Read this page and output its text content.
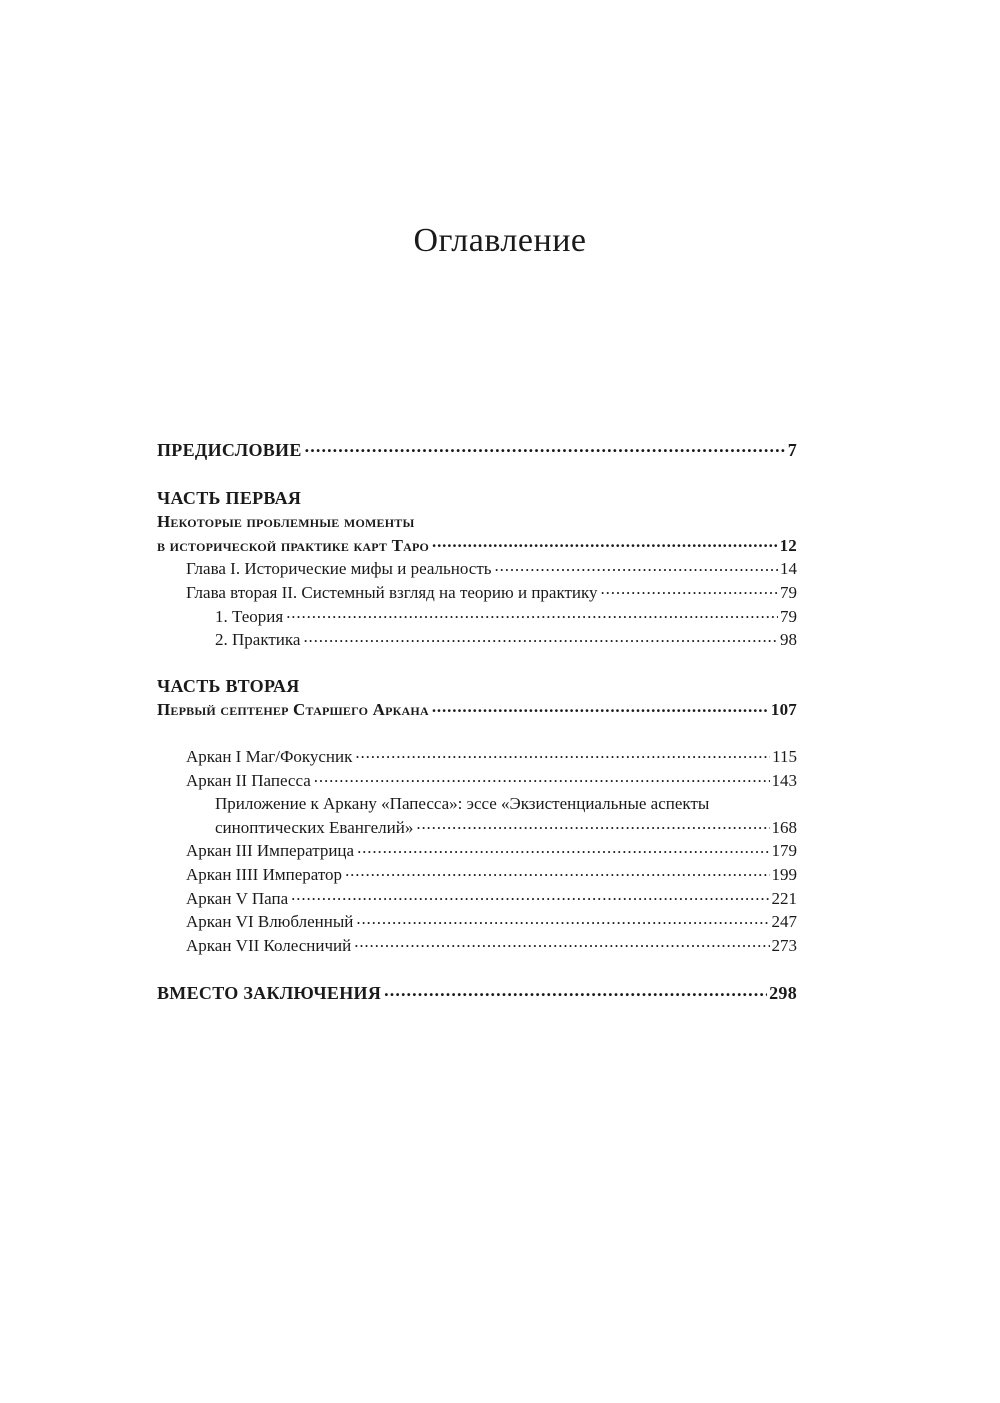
Оглавление
ПРЕДИСЛОВИЕ . . .	7
ЧАСТЬ ПЕРВАЯ
Некоторые проблемные моменты
в исторической практике карт Таро . . .	12
Глава I. Исторические мифы и реальность . . .	14
Глава вторая II. Системный взгляд на теорию и практику . . .	79
1. Теория . . .	79
2. Практика . . .	98
ЧАСТЬ ВТОРАЯ
Первый септенер Старшего Аркана . . .	107
Аркан I Маг/Фокусник . . .	115
Аркан II Папесса . . .	143
Приложение к Аркану «Папесса»: эссе «Экзистенциальные аспекты
синоптических Евангелий» . . .	168
Аркан III Императрица . . .	179
Аркан IIII Император . . .	199
Аркан V Папа . . .	221
Аркан VI Влюбленный . . .	247
Аркан VII Колесничий . . .	273
ВМЕСТО ЗАКЛЮЧЕНИЯ . . .	298
